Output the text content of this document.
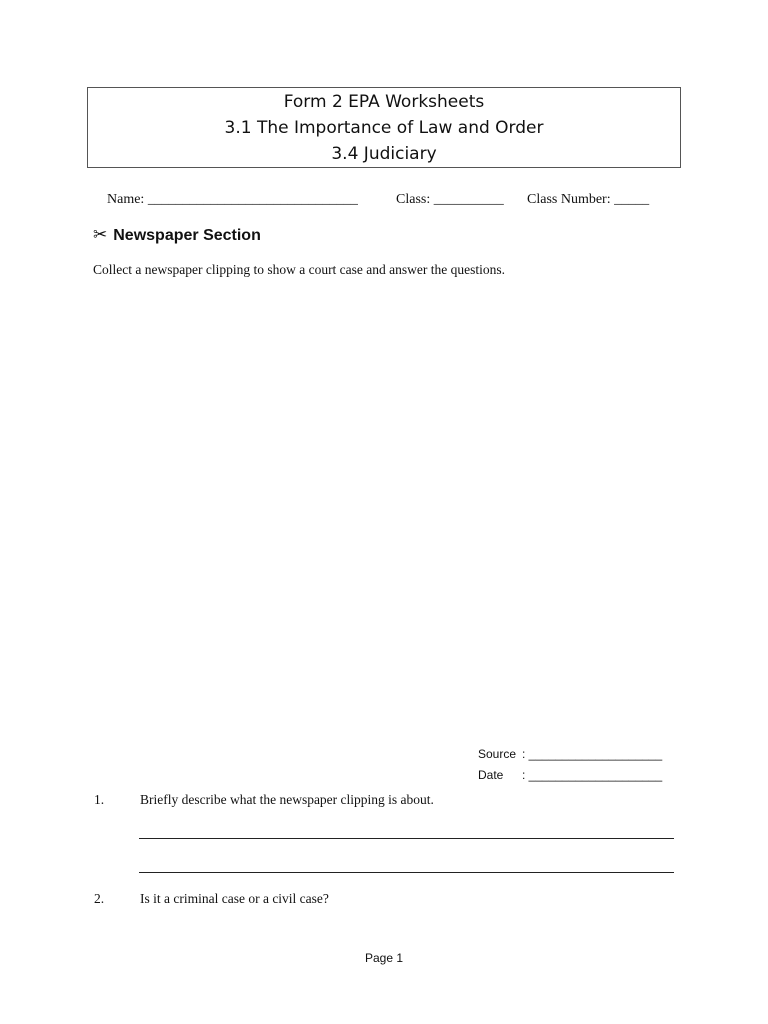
Form 2 EPA Worksheets
3.1 The Importance of Law and Order
3.4 Judiciary
Name: ______________________________	Class: __________ Class Number: _____
✂ Newspaper Section
Collect a newspaper clipping to show a court case and answer the questions.
Source : ____________________
Date : ____________________
1.	Briefly describe what the newspaper clipping is about.
2.	Is it a criminal case or a civil case?
Page 1
